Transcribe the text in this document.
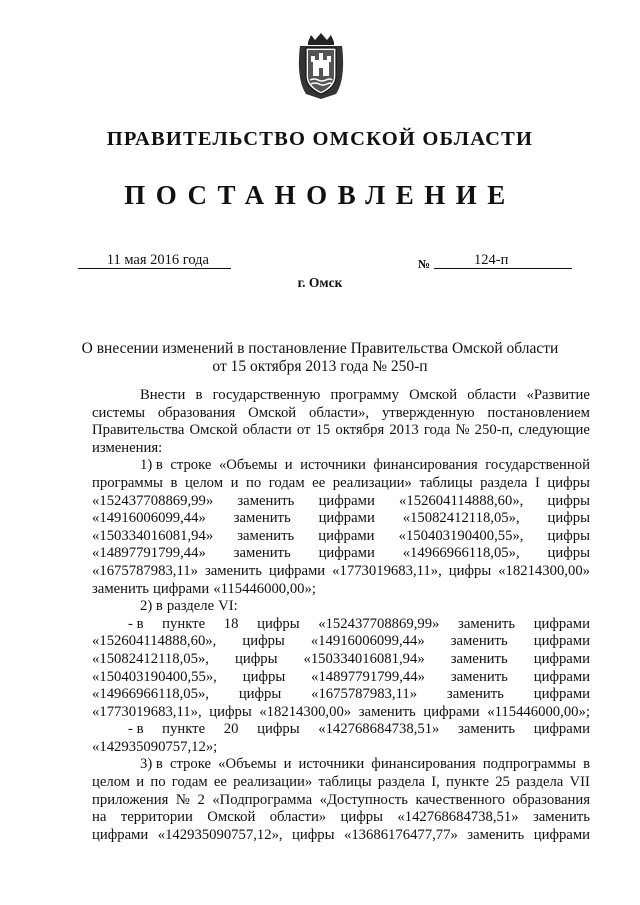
ПРАВИТЕЛЬСТВО ОМСКОЙ ОБЛАСТИ
ПОСТАНОВЛЕНИЕ
11 мая 2016 года	№	124-п
г. Омск
О внесении изменений в постановление Правительства Омской области
от 15 октября 2013 года № 250-п
Внести в государственную программу Омской области «Развитие
системы образования Омской области», утвержденную постановлением
Правительства Омской области от 15 октября 2013 года № 250-п, следующие
изменения:
1) в строке «Объемы и источники финансирования государственной
программы в целом и по годам ее реализации» таблицы раздела I цифры
«152437708869,99» заменить цифрами «152604114888,60», цифры
«14916006099,44» заменить цифрами «15082412118,05», цифры
«150334016081,94» заменить цифрами «150403190400,55», цифры
«14897791799,44» заменить цифрами «14966966118,05», цифры
«1675787983,11» заменить цифрами «1773019683,11», цифры «18214300,00»
заменить цифрами «115446000,00»;
2) в разделе VI:
- в пункте 18 цифры «152437708869,99» заменить цифрами
«152604114888,60», цифры «14916006099,44» заменить цифрами
«15082412118,05», цифры «150334016081,94» заменить цифрами
«150403190400,55», цифры «14897791799,44» заменить цифрами
«14966966118,05», цифры «1675787983,11» заменить цифрами
«1773019683,11», цифры «18214300,00» заменить цифрами «115446000,00»;
- в пункте 20 цифры «142768684738,51» заменить цифрами
«142935090757,12»;
3) в строке «Объемы и источники финансирования подпрограммы в
целом и по годам ее реализации» таблицы раздела I, пункте 25 раздела VII
приложения № 2 «Подпрограмма «Доступность качественного образования
на территории Омской области» цифры «142768684738,51» заменить
цифрами «142935090757,12», цифры «13686176477,77» заменить цифрами
